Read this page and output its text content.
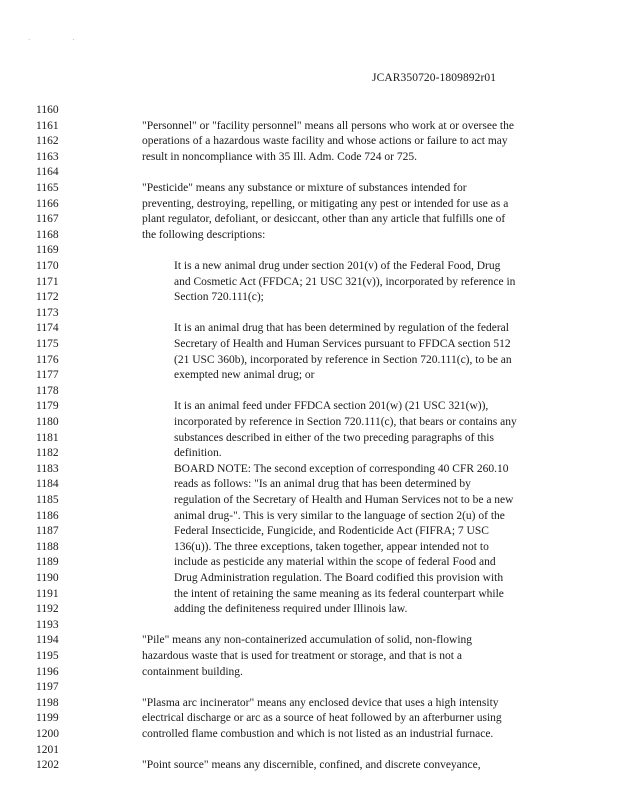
· ·
JCAR350720-1809892r01
1160
1161	"Personnel" or "facility personnel" means all persons who work at or oversee the
1162	operations of a hazardous waste facility and whose actions or failure to act may
1163	result in noncompliance with 35 Ill. Adm. Code 724 or 725.
1164
1165	"Pesticide" means any substance or mixture of substances intended for
1166	preventing, destroying, repelling, or mitigating any pest or intended for use as a
1167	plant regulator, defoliant, or desiccant, other than any article that fulfills one of
1168	the following descriptions:
1169
1170	It is a new animal drug under section 201(v) of the Federal Food, Drug
1171	and Cosmetic Act (FFDCA; 21 USC 321(v)), incorporated by reference in
1172	Section 720.111(c);
1173
1174	It is an animal drug that has been determined by regulation of the federal
1175	Secretary of Health and Human Services pursuant to FFDCA section 512
1176	(21 USC 360b), incorporated by reference in Section 720.111(c), to be an
1177	exempted new animal drug; or
1178
1179	It is an animal feed under FFDCA section 201(w) (21 USC 321(w)),
1180	incorporated by reference in Section 720.111(c), that bears or contains any
1181	substances described in either of the two preceding paragraphs of this
1182	definition.
1183	BOARD NOTE: The second exception of corresponding 40 CFR 260.10
1184	reads as follows: "Is an animal drug that has been determined by
1185	regulation of the Secretary of Health and Human Services not to be a new
1186	animal drug-". This is very similar to the language of section 2(u) of the
1187	Federal Insecticide, Fungicide, and Rodenticide Act (FIFRA; 7 USC
1188	136(u)). The three exceptions, taken together, appear intended not to
1189	include as pesticide any material within the scope of federal Food and
1190	Drug Administration regulation. The Board codified this provision with
1191	the intent of retaining the same meaning as its federal counterpart while
1192	adding the definiteness required under Illinois law.
1193
1194	"Pile" means any non-containerized accumulation of solid, non-flowing
1195	hazardous waste that is used for treatment or storage, and that is not a
1196	containment building.
1197
1198	"Plasma arc incinerator" means any enclosed device that uses a high intensity
1199	electrical discharge or arc as a source of heat followed by an afterburner using
1200	controlled flame combustion and which is not listed as an industrial furnace.
1201
1202	"Point source" means any discernible, confined, and discrete conveyance,
